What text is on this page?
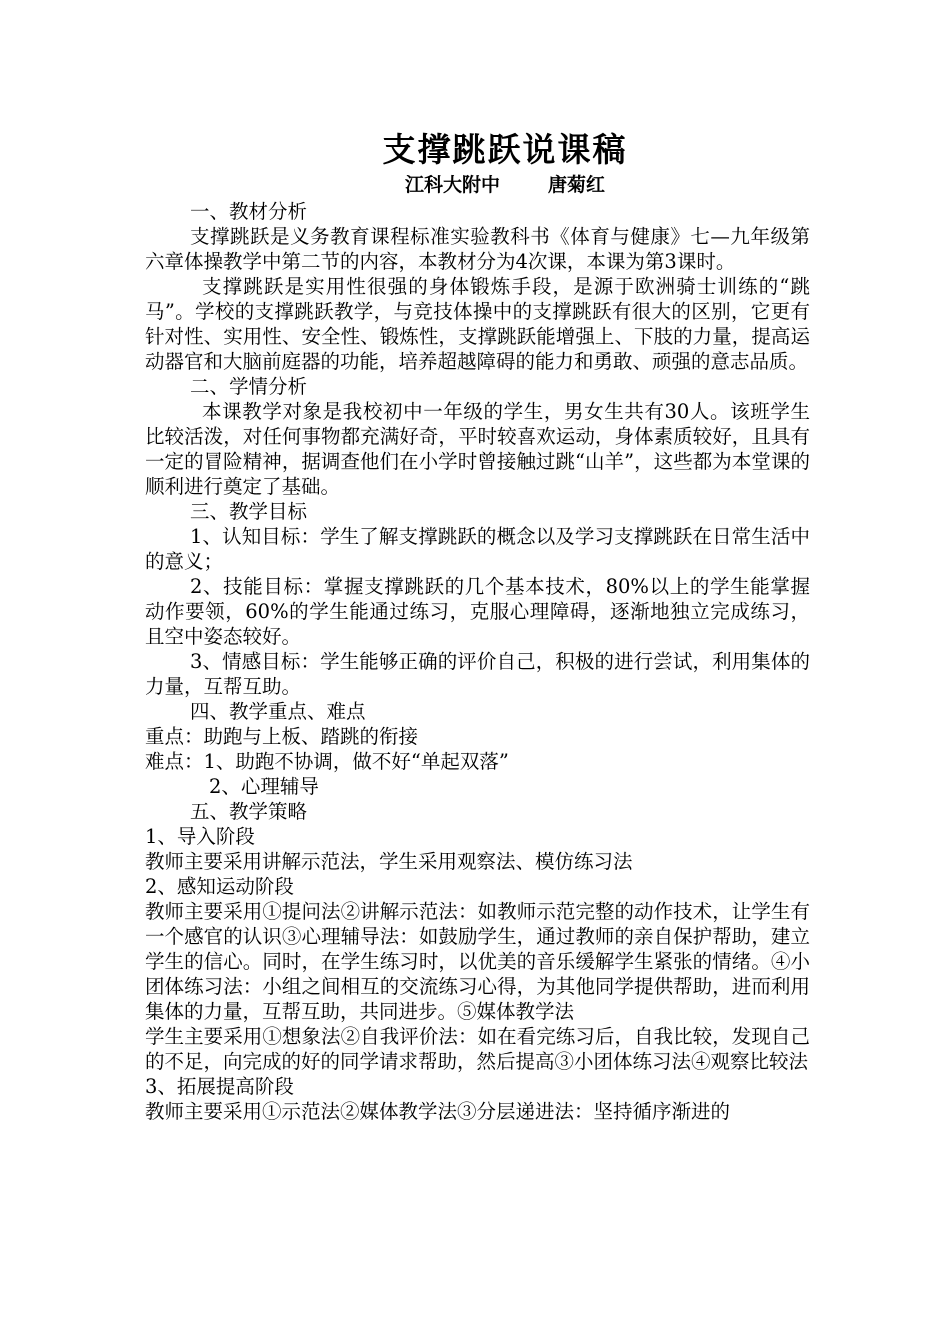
支撑跳跃说课稿
江科大附中	唐菊红

一、教材分析

支撑跳跃是义务教育课程标准实验教科书《体育与健康》七—九年级第六章体操教学中第二节的内容，本教材分为4次课，本课为第3课时。

支撑跳跃是实用性很强的身体锻炼手段，是源于欧洲骑士训练的“跳马”。学校的支撑跳跃教学，与竞技体操中的支撑跳跃有很大的区别，它更有针对性、实用性、安全性、锻炼性，支撑跳跃能增强上、下肢的力量，提高运动器官和大脑前庭器的功能，培养超越障碍的能力和勇敢、顽强的意志品质。

二、学情分析

本课教学对象是我校初中一年级的学生，男女生共有30人。该班学生比较活泼，对任何事物都充满好奇，平时较喜欢运动，身体素质较好，且具有一定的冒险精神，据调查他们在小学时曾接触过跳“山羊”，这些都为本堂课的顺利进行奠定了基础。

三、教学目标

1、认知目标：学生了解支撑跳跃的概念以及学习支撑跳跃在日常生活中的意义；

2、技能目标：掌握支撑跳跃的几个基本技术，80%以上的学生能掌握动作要领，60%的学生能通过练习，克服心理障碍，逐渐地独立完成练习，且空中姿态较好。

3、情感目标：学生能够正确的评价自己，积极的进行尝试，利用集体的力量，互帮互助。

四、教学重点、难点

重点：助跑与上板、踏跳的衔接

难点：1、助跑不协调，做不好“单起双落”

2、心理辅导

五、教学策略

1、导入阶段

教师主要采用讲解示范法，学生采用观察法、模仿练习法

2、感知运动阶段

教师主要采用①提问法②讲解示范法：如教师示范完整的动作技术，让学生有一个感官的认识③心理辅导法：如鼓励学生，通过教师的亲自保护帮助，建立学生的信心。同时，在学生练习时，以优美的音乐缓解学生紧张的情绪。④小团体练习法：小组之间相互的交流练习心得，为其他同学提供帮助，进而利用集体的力量，互帮互助，共同进步。⑤媒体教学法

学生主要采用①想象法②自我评价法：如在看完练习后，自我比较，发现自己的不足，向完成的好的同学请求帮助，然后提高③小团体练习法④观察比较法

3、拓展提高阶段

教师主要采用①示范法②媒体教学法③分层递进法：坚持循序渐进的
